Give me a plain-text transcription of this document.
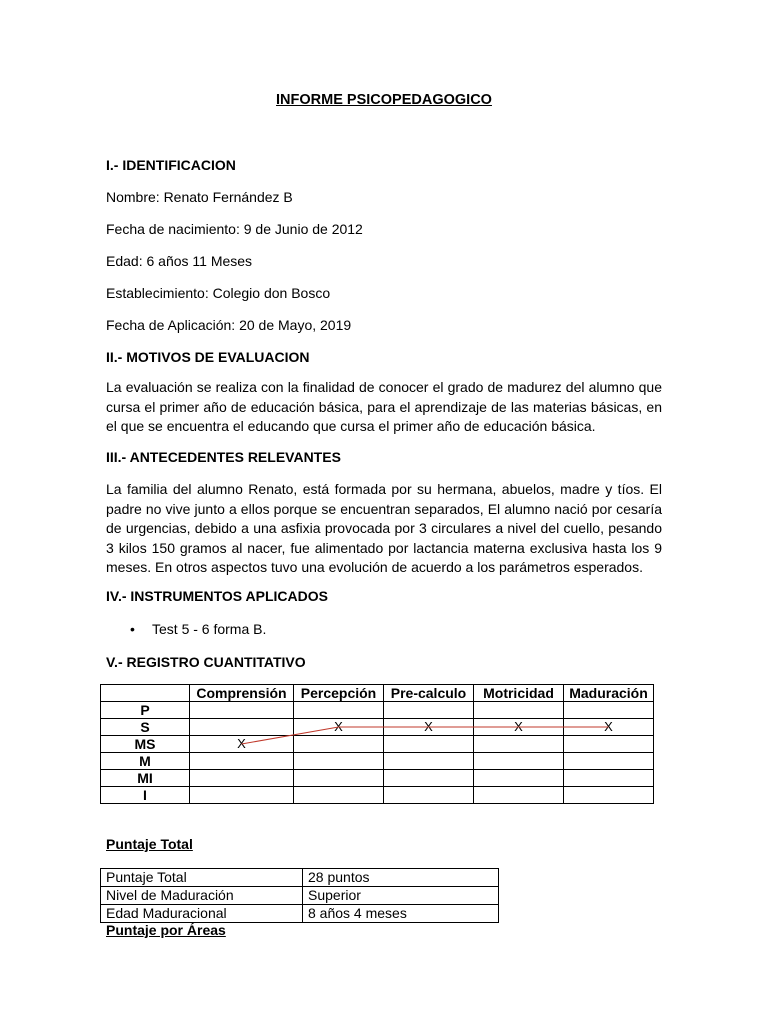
INFORME PSICOPEDAGOGICO
I.- IDENTIFICACION
Nombre: Renato Fernández B
Fecha de nacimiento: 9 de Junio de 2012
Edad: 6 años 11 Meses
Establecimiento: Colegio don Bosco
Fecha de Aplicación: 20 de Mayo, 2019
II.- MOTIVOS DE EVALUACION
La evaluación se realiza con la finalidad de conocer el grado de madurez del alumno que cursa el primer año de educación básica, para el aprendizaje de las materias básicas, en el que se encuentra el educando que cursa el primer año de educación básica.
III.- ANTECEDENTES RELEVANTES
La familia del alumno Renato, está formada por su hermana, abuelos, madre y tíos. El padre no vive junto a ellos porque se encuentran separados, El alumno nació por cesaría de urgencias, debido a una asfixia provocada por 3 circulares a nivel del cuello, pesando 3 kilos 150 gramos al nacer, fue alimentado por lactancia materna exclusiva hasta los 9 meses. En otros aspectos tuvo una evolución de acuerdo a los parámetros esperados.
IV.- INSTRUMENTOS APLICADOS
• Test 5 - 6 forma B.
V.- REGISTRO CUANTITATIVO
	Comprensión	Percepción	Pre-calculo	Motricidad	Maduración
P					
S		X	X	X	X
MS	X				
M					
MI					
I					
Puntaje Total
Puntaje Total	28 puntos
Nivel de Maduración	Superior
Edad Maduracional	8 años 4 meses
Puntaje por Áreas
